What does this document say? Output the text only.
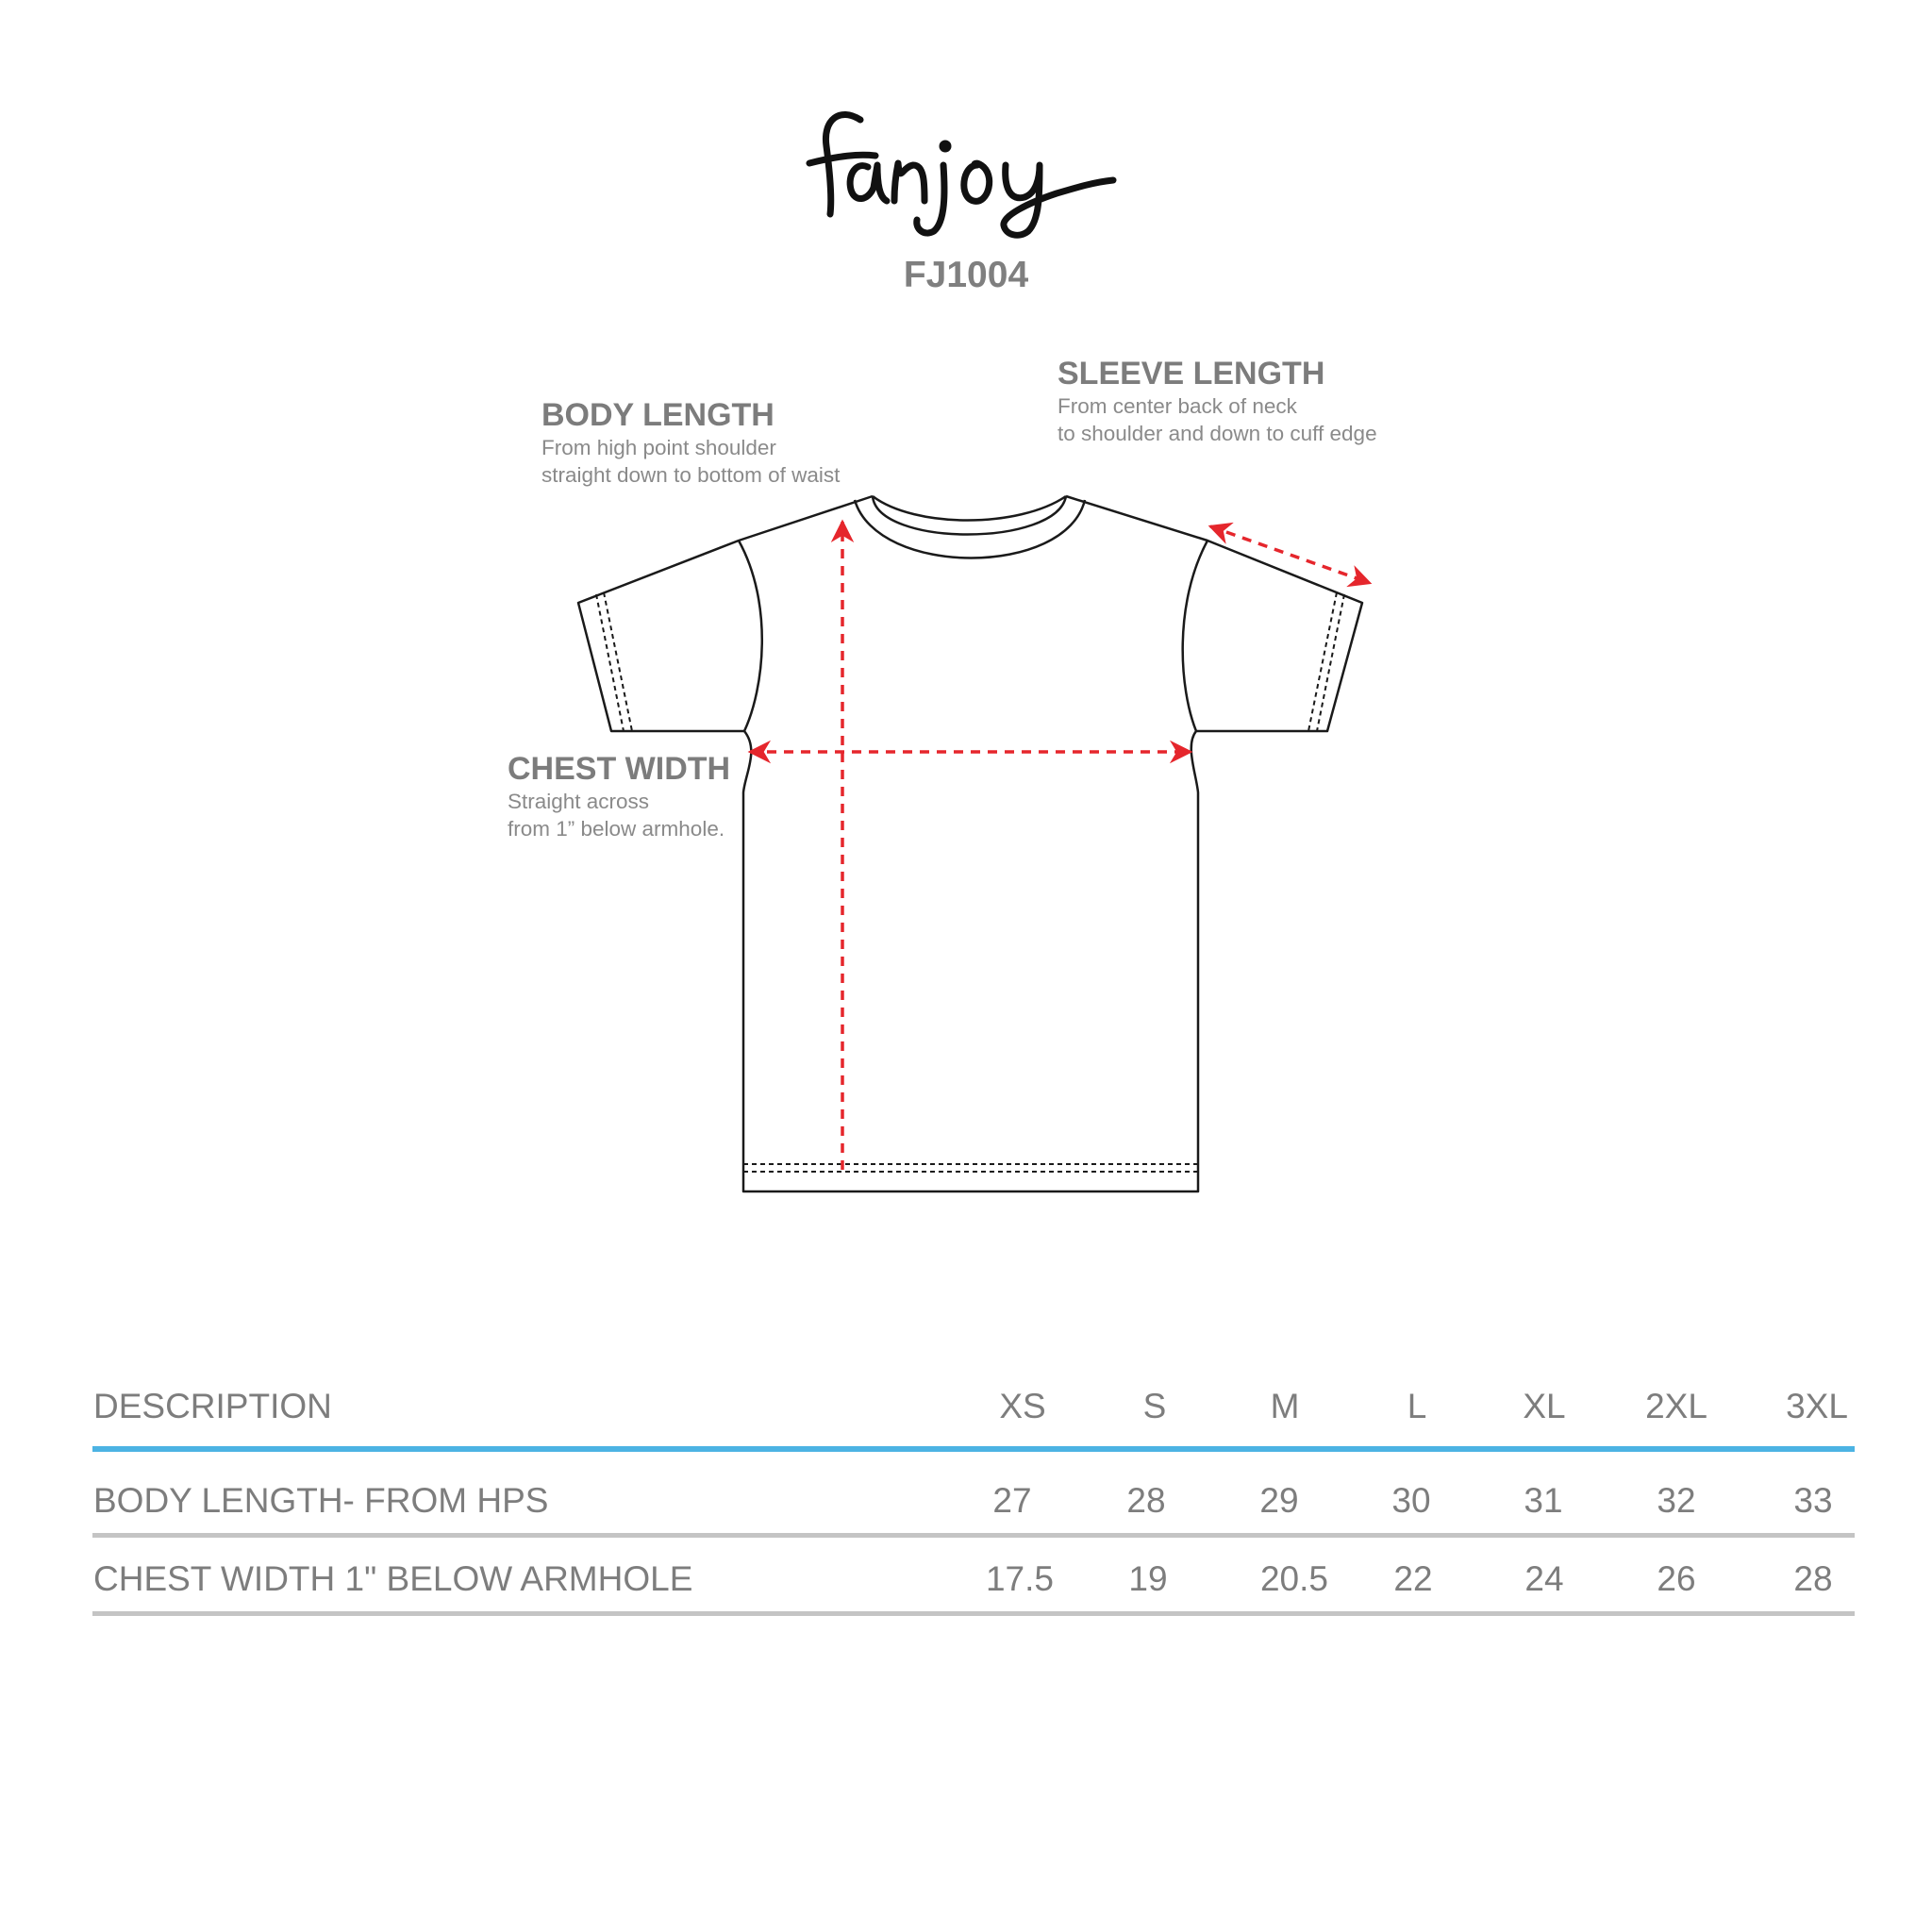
FJ1004
BODY LENGTH
From high point shoulder
straight down to bottom of waist
SLEEVE LENGTH
From center back of neck
to shoulder and down to cuff edge
CHEST WIDTH
Straight across
from 1” below armhole.
DESCRIPTION	XS	S	M	L	XL	2XL	3XL
BODY LENGTH- FROM HPS	27	28	29	30	31	32	33
CHEST WIDTH 1" BELOW ARMHOLE	17.5	19	20.5	22	24	26	28
